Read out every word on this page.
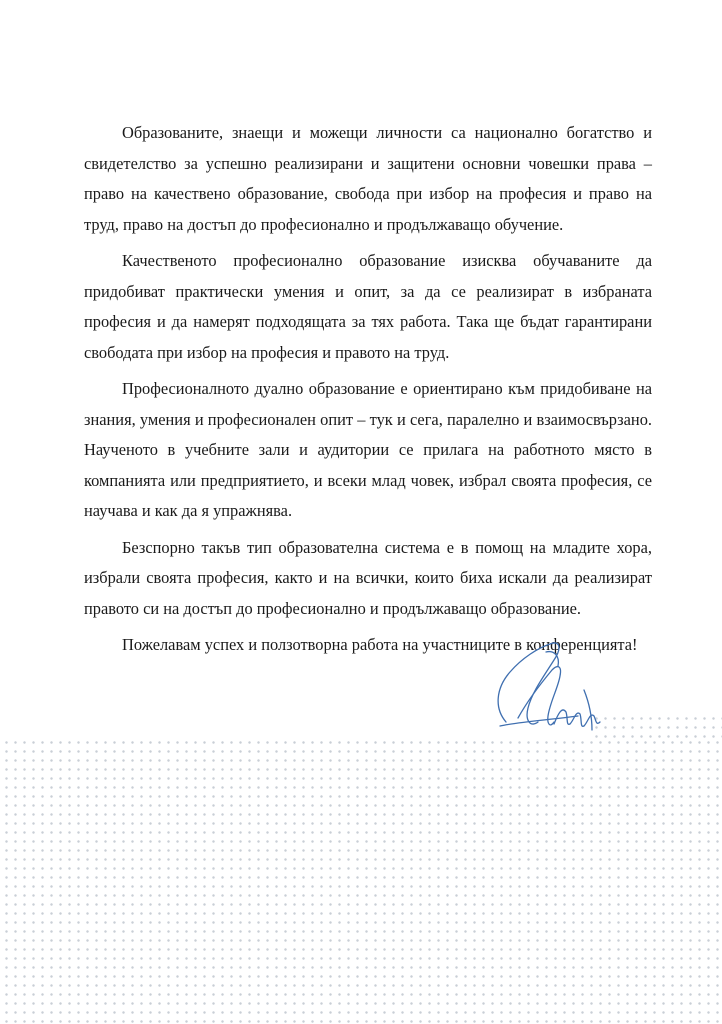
Образованите, знаещи и можещи личности са национално богатство и свидетелство за успешно реализирани и защитени основни човешки права – право на качествено образование, свобода при избор на професия и право на труд, право на достъп до професионално и продължаващо обучение.

Качественото професионално образование изисква обучаваните да придобиват практически умения и опит, за да се реализират в избраната професия и да намерят подходящата за тях работа. Така ще бъдат гарантирани свободата при избор на професия и правото на труд.

Професионалното дуално образование е ориентирано към придобиване на знания, умения и професионален опит – тук и сега, паралелно и взаимосвързано. Наученото в учебните зали и аудитории се прилага на работното място в компанията или предприятието, и всеки млад човек, избрал своята професия, се научава и как да я упражнява.

Безспорно такъв тип образователна система е в помощ на младите хора, избрали своята професия, както и на всички, които биха искали да реализират правото си на достъп до професионално и продължаващо образование.

Пожелавам успех и ползотворна работа на участниците в конференцията!
